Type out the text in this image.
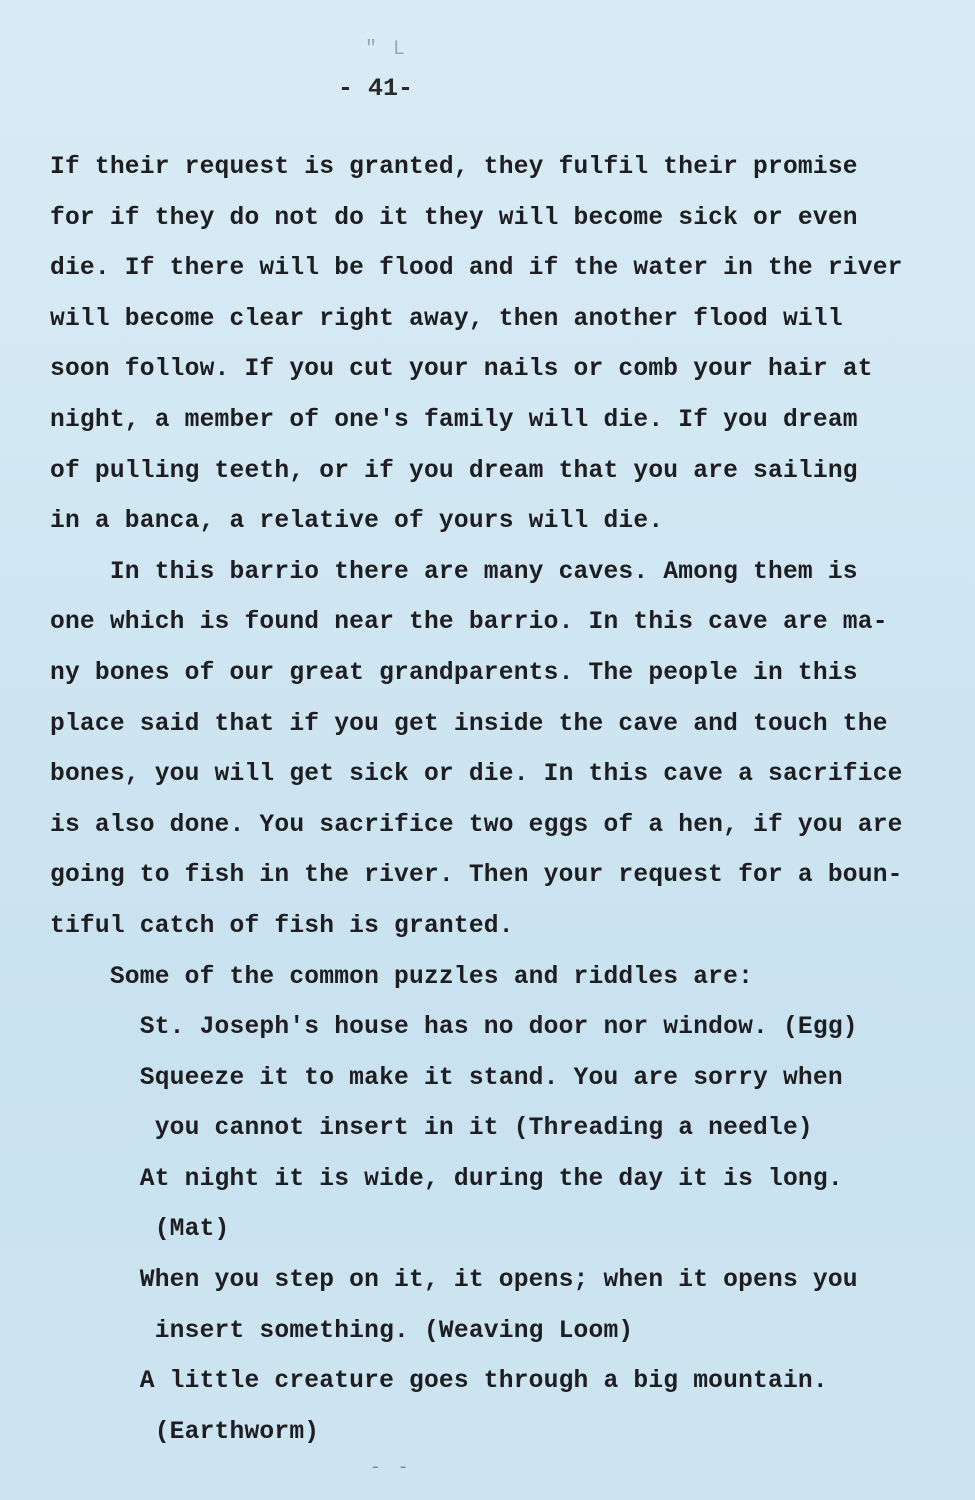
" L
- 41-
If their request is granted, they fulfil their promise
for if they do not do it they will become sick or even
die. If there will be flood and if the water in the river
will become clear right away, then another flood will
soon follow. If you cut your nails or comb your hair at
night, a member of one's family will die. If you dream
of pulling teeth, or if you dream that you are sailing
in a banca, a relative of yours will die.
In this barrio there are many caves. Among them is
one which is found near the barrio. In this cave are ma-
ny bones of our great grandparents. The people in this
place said that if you get inside the cave and touch the
bones, you will get sick or die. In this cave a sacrifice
is also done. You sacrifice two eggs of a hen, if you are
going to fish in the river. Then your request for a boun-
tiful catch of fish is granted.
Some of the common puzzles and riddles are:
St. Joseph's house has no door nor window. (Egg)
Squeeze it to make it stand. You are sorry when
you cannot insert in it (Threading a needle)
At night it is wide, during the day it is long.
(Mat)
When you step on it, it opens; when it opens you
insert something. (Weaving Loom)
A little creature goes through a big mountain.
(Earthworm)
- -
